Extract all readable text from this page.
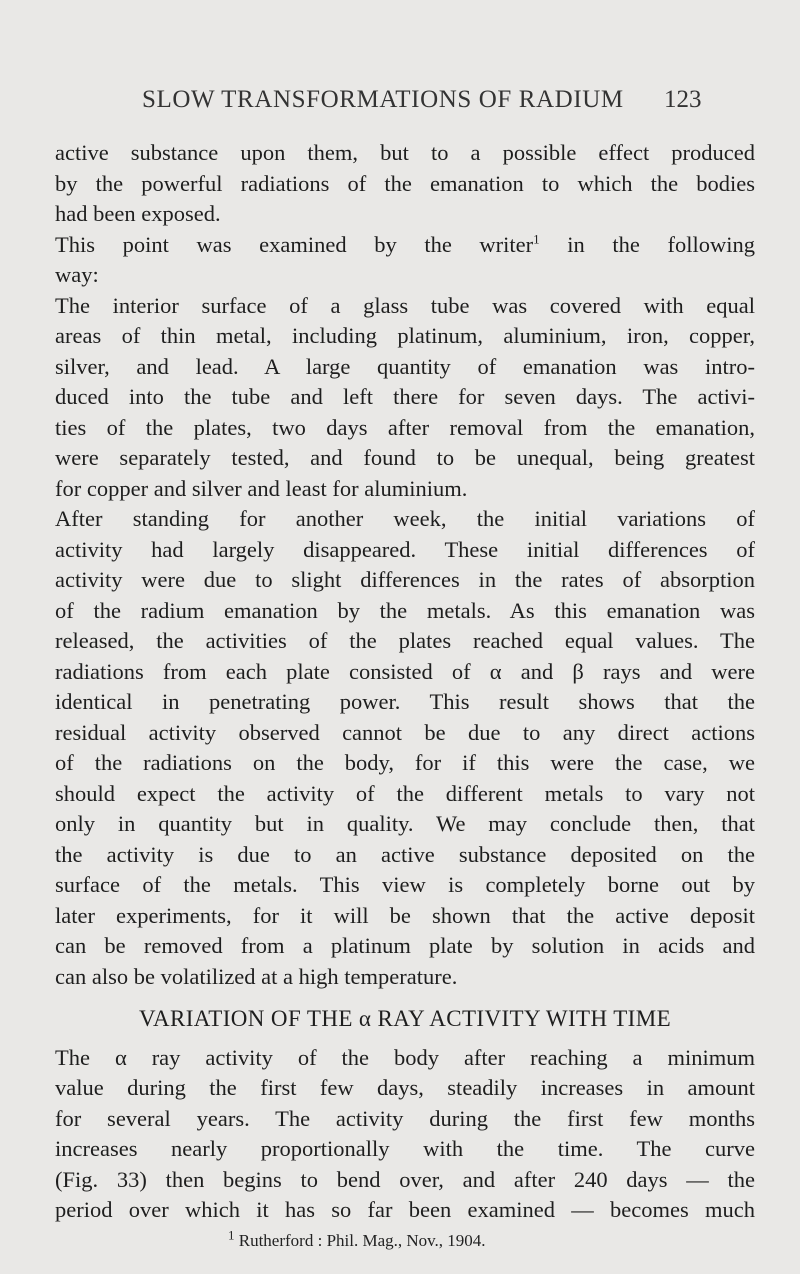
SLOW TRANSFORMATIONS OF RADIUM 123
active substance upon them, but to a possible effect produced
by the powerful radiations of the emanation to which the bodies
had been exposed.
This point was examined by the writer$^1$ in the following
way:
The interior surface of a glass tube was covered with equal
areas of thin metal, including platinum, aluminium, iron, copper,
silver, and lead. A large quantity of emanation was intro-
duced into the tube and left there for seven days. The activi-
ties of the plates, two days after removal from the emanation,
were separately tested, and found to be unequal, being greatest
for copper and silver and least for aluminium.
After standing for another week, the initial variations of
activity had largely disappeared. These initial differences of
activity were due to slight differences in the rates of absorption
of the radium emanation by the metals. As this emanation was
released, the activities of the plates reached equal values. The
radiations from each plate consisted of α and β rays and were
identical in penetrating power. This result shows that the
residual activity observed cannot be due to any direct actions
of the radiations on the body, for if this were the case, we
should expect the activity of the different metals to vary not
only in quantity but in quality. We may conclude then, that
the activity is due to an active substance deposited on the
surface of the metals. This view is completely borne out by
later experiments, for it will be shown that the active deposit
can be removed from a platinum plate by solution in acids and
can also be volatilized at a high temperature.
VARIATION OF THE α RAY ACTIVITY WITH TIME
The α ray activity of the body after reaching a minimum
value during the first few days, steadily increases in amount
for several years. The activity during the first few months
increases nearly proportionally with the time. The curve
(Fig. 33) then begins to bend over, and after 240 days — the
period over which it has so far been examined — becomes much
$^1$ Rutherford : Phil. Mag., Nov., 1904.
